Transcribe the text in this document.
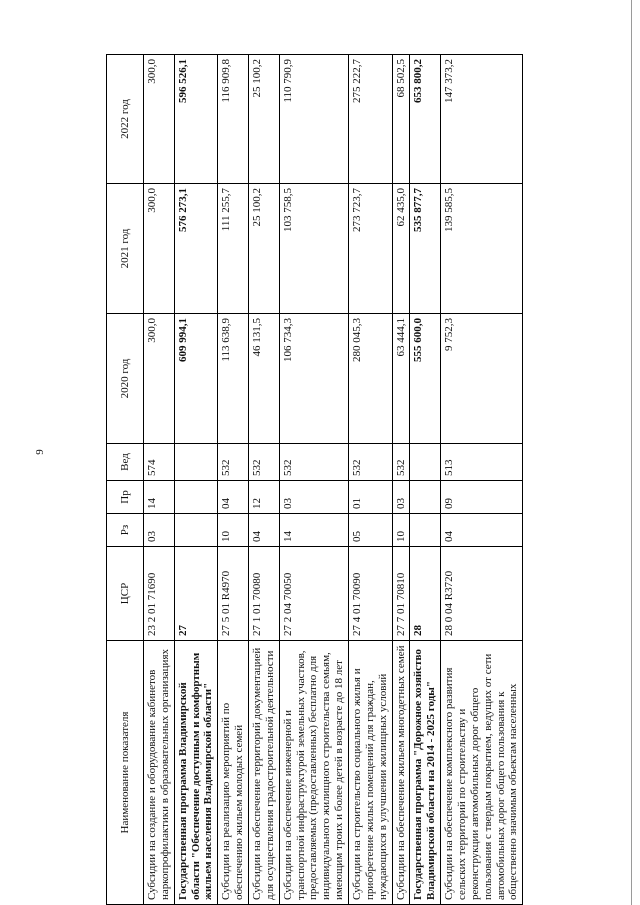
9
Наименование показателя	ЦСР	Рз	Пр	Вед	2020 год	2021 год	2022 год
Субсидии на создание и оборудование кабинетов наркопрофилактики в образовательных организациях	23 2 01 71690	03	14	574	300,0	300,0	300,0
Государственная программа Владимирской области "Обеспечение доступным и комфортным жильем населения Владимирской области"	27				609 994,1	576 273,1	596 526,1
Субсидии на реализацию мероприятий по обеспечению жильем молодых семей	27 5 01 R4970	10	04	532	113 638,9	111 255,7	116 909,8
Субсидии на обеспечение территорий документацией для осуществления градостроительной деятельности	27 1 01 70080	04	12	532	46 131,5	25 100,2	25 100,2
Субсидии на обеспечение инженерной и транспортной инфраструктурой земельных участков, предоставляемых (предоставленных) бесплатно для индивидуального жилищного строительства семьям, имеющим троих и более детей в возрасте до 18 лет	27 2 04 70050	14	03	532	106 734,3	103 758,5	110 790,9
Субсидии на строительство социального жилья и приобретение жилых помещений для граждан, нуждающихся в улучшении жилищных условий	27 4 01 70090	05	01	532	280 045,3	273 723,7	275 222,7
Субсидии на обеспечение жильем многодетных семей	27 7 01 70810	10	03	532	63 444,1	62 435,0	68 502,5
Государственная программа "Дорожное хозяйство Владимирской области на 2014 - 2025 годы"	28				555 600,0	535 877,7	653 800,2
Субсидии на обеспечение комплексного развития сельских территорий по строительству и реконструкции автомобильных дорог общего пользования с твердым покрытием, ведущих от сети автомобильных дорог общего пользования к общественно значимым объектам населенных	28 0 04 R3720	04	09	513	9 752,3	139 585,5	147 373,2
